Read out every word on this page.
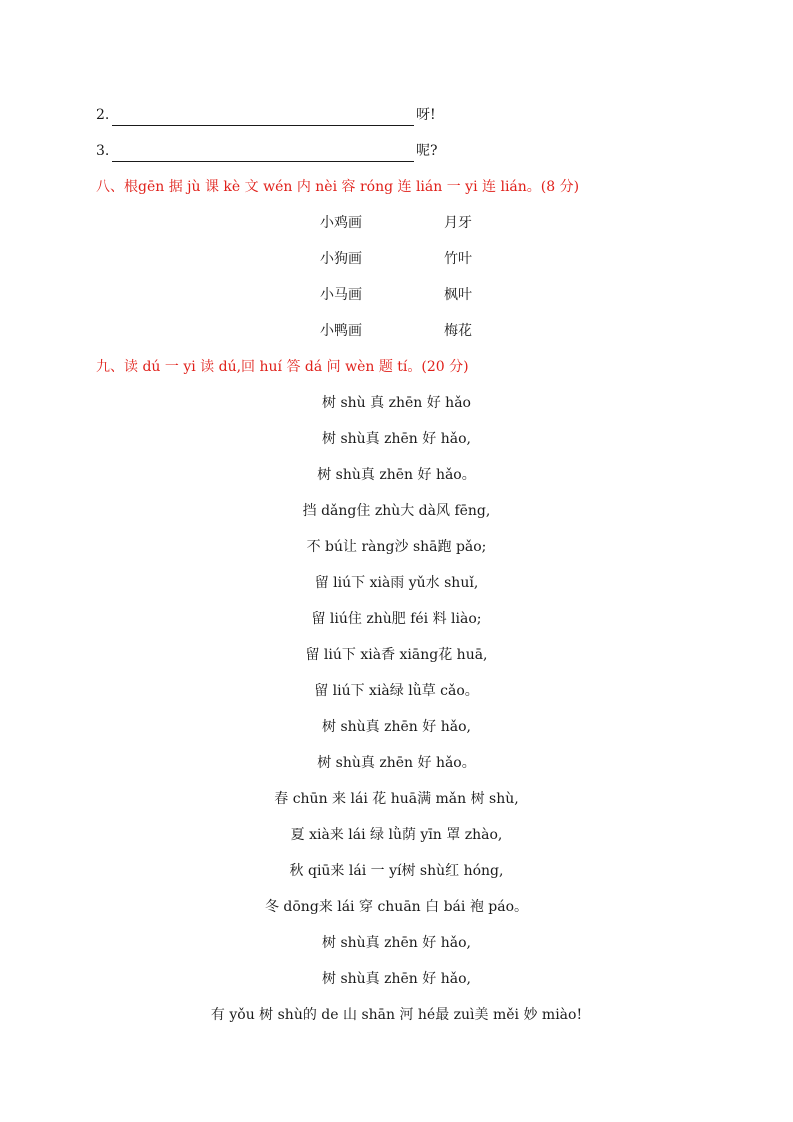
2.	呀!
3.	呢?
八、根gēn 据 jù 课 kè 文 wén 内 nèi 容 róng 连 lián 一 yi 连 lián。(8 分)
小鸡画	月牙
小狗画	竹叶
小马画	枫叶
小鸭画	梅花
九、读 dú 一 yi 读 dú,回 huí 答 dá 问 wèn 题 tí。(20 分)
树 shù 真 zhēn 好 hǎo
树 shù真 zhēn 好 hǎo,
树 shù真 zhēn 好 hǎo。
挡 dǎng住 zhù大 dà风 fēng,
不 bú让 ràng沙 shā跑 pǎo;
留 liú下 xià雨 yǔ水 shuǐ,
留 liú住 zhù肥 féi 料 liào;
留 liú下 xià香 xiāng花 huā,
留 liú下 xià绿 lǜ草 cǎo。
树 shù真 zhēn 好 hǎo,
树 shù真 zhēn 好 hǎo。
春 chūn 来 lái 花 huā满 mǎn 树 shù,
夏 xià来 lái 绿 lǜ荫 yīn 罩 zhào,
秋 qiū来 lái 一 yí树 shù红 hóng,
冬 dōng来 lái 穿 chuān 白 bái 袍 páo。
树 shù真 zhēn 好 hǎo,
树 shù真 zhēn 好 hǎo,
有 yǒu 树 shù的 de 山 shān 河 hé最 zuì美 měi 妙 miào!
